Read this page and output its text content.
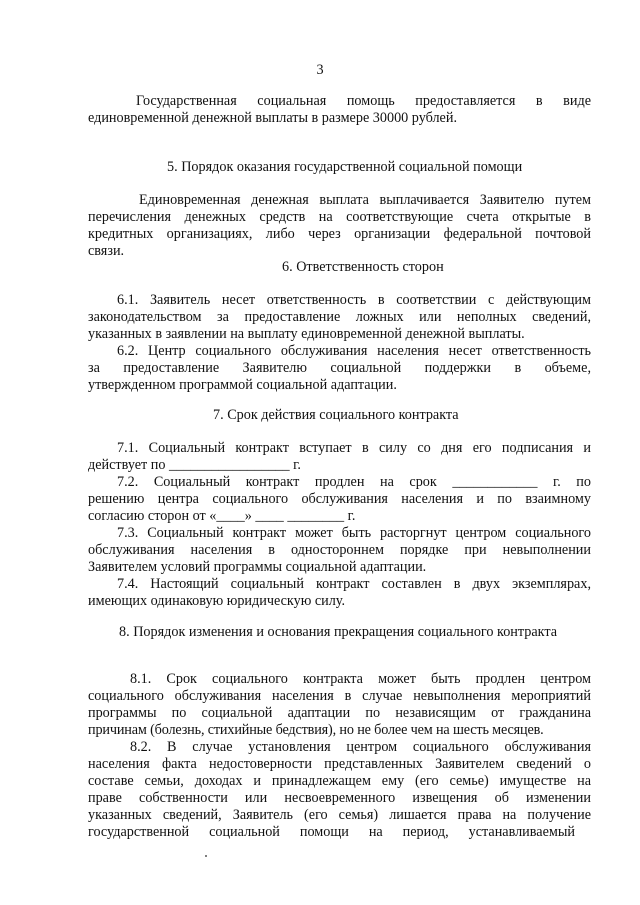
3
Государственная социальная помощь предоставляется в виде
единовременной денежной выплаты в размере 30000 рублей.
5. Порядок оказания государственной социальной помощи
Единовременная денежная выплата выплачивается Заявителю путем
перечисления денежных средств на соответствующие счета открытые в
кредитных организациях, либо через организации федеральной почтовой
связи.
6. Ответственность сторон
6.1. Заявитель несет ответственность в соответствии с действующим
законодательством за предоставление ложных или неполных сведений,
указанных в заявлении на выплату единовременной денежной выплаты.
6.2. Центр социального обслуживания населения несет ответственность
за предоставление Заявителю социальной поддержки в объеме,
утвержденном программой социальной адаптации.
7. Срок действия социального контракта
7.1. Социальный контракт вступает в силу со дня его подписания и
действует по _________________ г.
7.2. Социальный контракт продлен на срок ____________ г. по
решению центра социального обслуживания населения и по взаимному
согласию сторон от «____» ____ ________ г.
7.3. Социальный контракт может быть расторгнут центром социального
обслуживания населения в одностороннем порядке при невыполнении
Заявителем условий программы социальной адаптации.
7.4. Настоящий социальный контракт составлен в двух экземплярах,
имеющих одинаковую юридическую силу.
8. Порядок изменения и основания прекращения социального контракта
8.1. Срок социального контракта может быть продлен центром
социального обслуживания населения в случае невыполнения мероприятий
программы по социальной адаптации по независящим от гражданина
причинам (болезнь, стихийные бедствия), но не более чем на шесть месяцев.
8.2. В случае установления центром социального обслуживания
населения факта недостоверности представленных Заявителем сведений о
составе семьи, доходах и принадлежащем ему (его семье) имуществе на
праве собственности или несвоевременного извещения об изменении
указанных сведений, Заявитель (его семья) лишается права на получение
государственной социальной помощи на период, устанавливаемый
